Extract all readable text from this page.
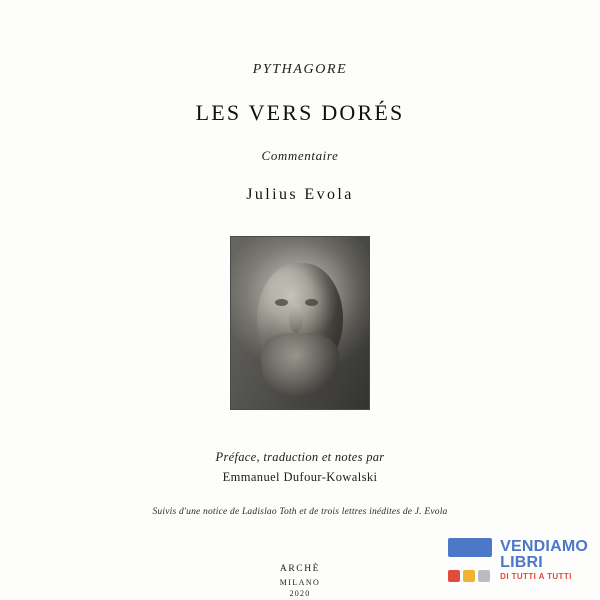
PYTHAGORE
LES VERS DORÉS
Commentaire
Julius Evola
Préface, traduction et notes par
Emmanuel Dufour-Kowalski
Suivis d'une notice de Ladislao Toth et de trois lettres inédites de J. Evola
ARCHÈ
MILANO
2020
VENDIAMO
LIBRI
DI TUTTI A TUTTI
